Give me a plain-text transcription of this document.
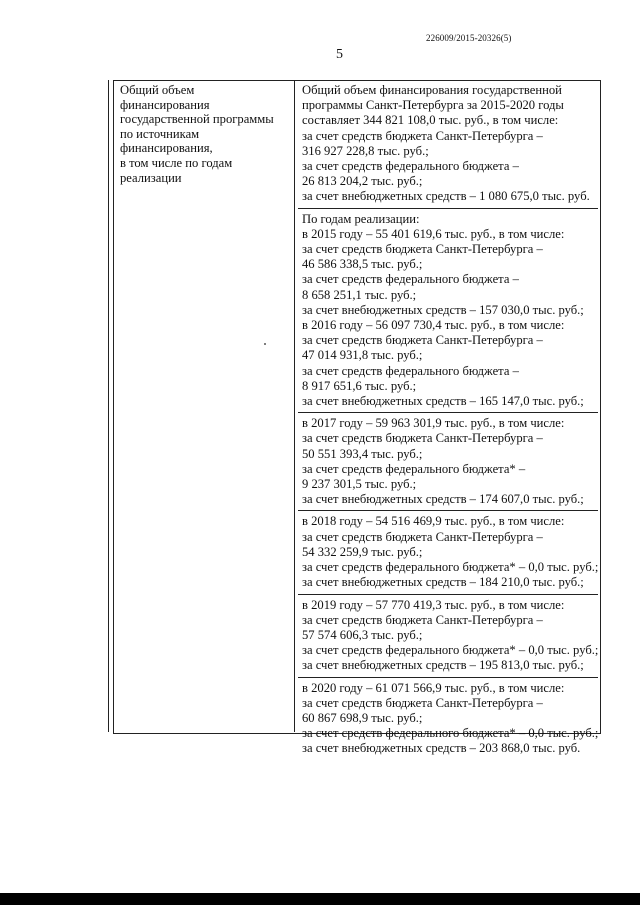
226009/2015-20326(5)
5
Общий объем
финансирования
государственной программы
по источникам
финансирования,
в том числе по годам
реализации
Общий объем финансирования государственной
программы Санкт-Петербурга за 2015-2020 годы
составляет 344 821 108,0 тыс. руб., в том числе:
за счет средств бюджета Санкт-Петербурга –
316 927 228,8 тыс. руб.;
за счет средств федерального бюджета –
26 813 204,2 тыс. руб.;
за счет внебюджетных средств – 1 080 675,0 тыс. руб.
По годам реализации:
в 2015 году – 55 401 619,6 тыс. руб., в том числе:
за счет средств бюджета Санкт-Петербурга –
46 586 338,5 тыс. руб.;
за счет средств федерального бюджета –
8 658 251,1 тыс. руб.;
за счет внебюджетных средств – 157 030,0 тыс. руб.;
в 2016 году – 56 097 730,4 тыс. руб., в том числе:
за счет средств бюджета Санкт-Петербурга –
47 014 931,8 тыс. руб.;
за счет средств федерального бюджета –
8 917 651,6 тыс. руб.;
за счет внебюджетных средств – 165 147,0 тыс. руб.;
в 2017 году – 59 963 301,9 тыс. руб., в том числе:
за счет средств бюджета Санкт-Петербурга –
50 551 393,4 тыс. руб.;
за счет средств федерального бюджета* –
9 237 301,5 тыс. руб.;
за счет внебюджетных средств – 174 607,0 тыс. руб.;
в 2018 году – 54 516 469,9 тыс. руб., в том числе:
за счет средств бюджета Санкт-Петербурга –
54 332 259,9 тыс. руб.;
за счет средств федерального бюджета* – 0,0 тыс. руб.;
за счет внебюджетных средств – 184 210,0 тыс. руб.;
в 2019 году – 57 770 419,3 тыс. руб., в том числе:
за счет средств бюджета Санкт-Петербурга –
57 574 606,3 тыс. руб.;
за счет средств федерального бюджета* – 0,0 тыс. руб.;
за счет внебюджетных средств – 195 813,0 тыс. руб.;
в 2020 году – 61 071 566,9 тыс. руб., в том числе:
за счет средств бюджета Санкт-Петербурга –
60 867 698,9 тыс. руб.;
за счет средств федерального бюджета* – 0,0 тыс. руб.;
за счет внебюджетных средств – 203 868,0 тыс. руб.
